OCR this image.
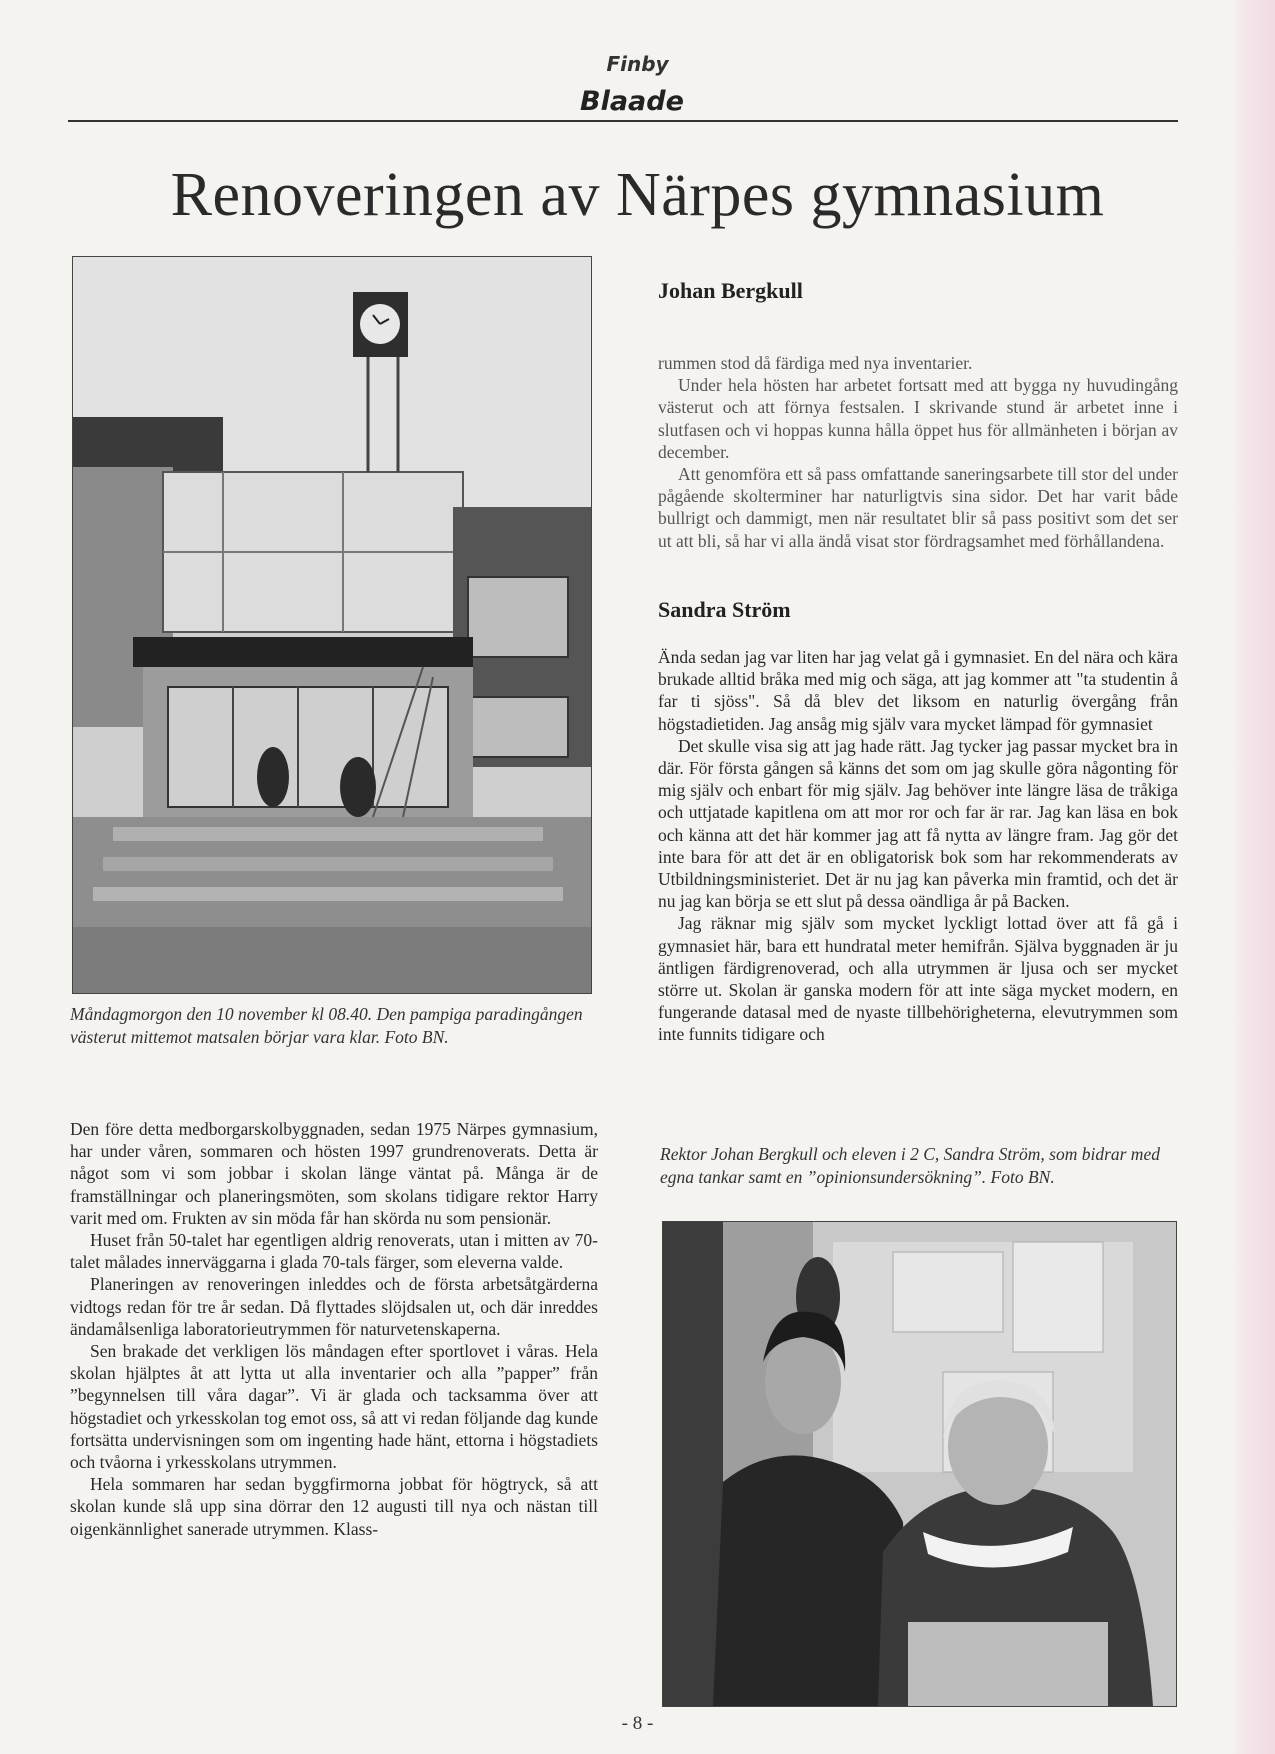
Finby
Blaade
Renoveringen av Närpes gymnasium
Måndagmorgon den 10 november kl 08.40. Den pampiga paradingången västerut mittemot matsalen börjar vara klar. Foto BN.
Johan Bergkull

rummen stod då färdiga med nya inventarier.

Under hela hösten har arbetet fortsatt med att bygga ny huvudingång västerut och att förnya festsalen. I skrivande stund är arbetet inne i slutfasen och vi hoppas kunna hålla öppet hus för allmänheten i början av december.

Att genomföra ett så pass omfattande saneringsarbete till stor del under pågående skolterminer har naturligtvis sina sidor. Det har varit både bullrigt och dammigt, men när resultatet blir så pass positivt som det ser ut att bli, så har vi alla ändå visat stor fördragsamhet med förhållandena.

Sandra Ström

Ända sedan jag var liten har jag velat gå i gymnasiet. En del nära och kära brukade alltid bråka med mig och säga, att jag kommer att "ta studentin å far ti sjöss". Så då blev det liksom en naturlig övergång från högstadietiden. Jag ansåg mig själv vara mycket lämpad för gymnasiet

Det skulle visa sig att jag hade rätt. Jag tycker jag passar mycket bra in där. För första gången så känns det som om jag skulle göra någonting för mig själv och enbart för mig själv. Jag behöver inte längre läsa de tråkiga och uttjatade kapitlena om att mor ror och far är rar. Jag kan läsa en bok och känna att det här kommer jag att få nytta av längre fram. Jag gör det inte bara för att det är en obligatorisk bok som har rekommenderats av Utbildningsministeriet. Det är nu jag kan påverka min framtid, och det är nu jag kan börja se ett slut på dessa oändliga år på Backen.

Jag räknar mig själv som mycket lyckligt lottad över att få gå i gymnasiet här, bara ett hundratal meter hemifrån. Själva byggnaden är ju äntligen färdigrenoverad, och alla utrymmen är ljusa och ser mycket större ut. Skolan är ganska modern för att inte säga mycket modern, en fungerande datasal med de nyaste tillbehörigheterna, elevutrymmen som inte funnits tidigare och

Den före detta medborgarskolbyggnaden, sedan 1975 Närpes gymnasium, har under våren, sommaren och hösten 1997 grundrenoverats. Detta är något som vi som jobbar i skolan länge väntat på. Många är de framställningar och planeringsmöten, som skolans tidigare rektor Harry varit med om. Frukten av sin möda får han skörda nu som pensionär.

Huset från 50-talet har egentligen aldrig renoverats, utan i mitten av 70-talet målades innerväggarna i glada 70-tals färger, som eleverna valde.

Planeringen av renoveringen inleddes och de första arbetsåtgärderna vidtogs redan för tre år sedan. Då flyttades slöjdsalen ut, och där inreddes ändamålsenliga laboratorieutrymmen för naturvetenskaperna.

Sen brakade det verkligen lös måndagen efter sportlovet i våras. Hela skolan hjälptes åt att lytta ut alla inventarier och alla ”papper” från ”begynnelsen till våra dagar”. Vi är glada och tacksamma över att högstadiet och yrkesskolan tog emot oss, så att vi redan följande dag kunde fortsätta undervisningen som om ingenting hade hänt, ettorna i högstadiets och tvåorna i yrkesskolans utrymmen.

Hela sommaren har sedan byggfirmorna jobbat för högtryck, så att skolan kunde slå upp sina dörrar den 12 augusti till nya och nästan till oigenkännlighet sanerade utrymmen. Klass-

Rektor Johan Bergkull och eleven i 2 C, Sandra Ström, som bidrar med egna tankar samt en ”opinionsundersökning”. Foto BN.
- 8 -
